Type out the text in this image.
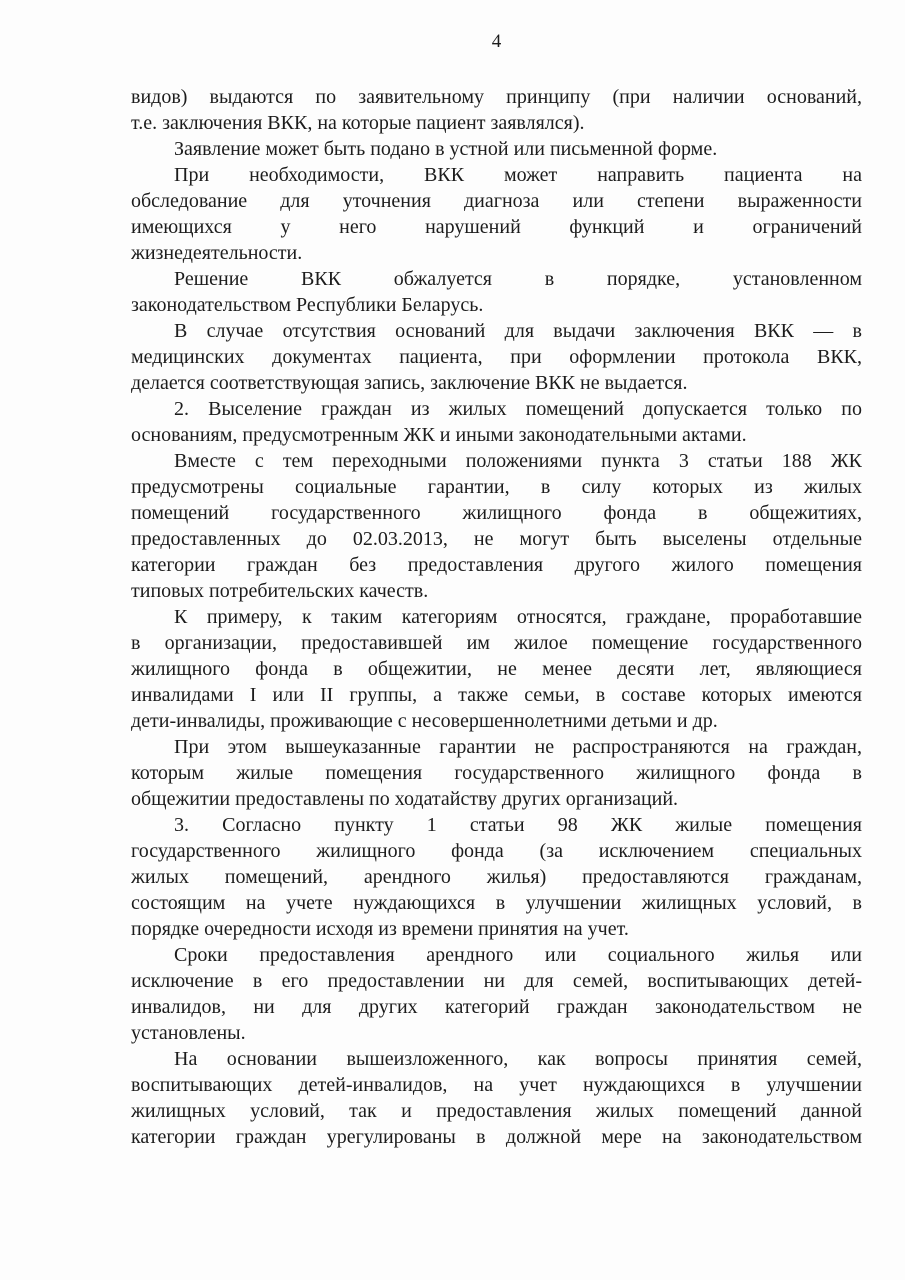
4
видов) выдаются по заявительному принципу (при наличии оснований,
т.е. заключения ВКК, на которые пациент заявлялся).
Заявление может быть подано в устной или письменной форме.
При необходимости, ВКК может направить пациента на
обследование для уточнения диагноза или степени выраженности
имеющихся у него нарушений функций и ограничений
жизнедеятельности.
Решение ВКК обжалуется в порядке, установленном
законодательством Республики Беларусь.
В случае отсутствия оснований для выдачи заключения ВКК — в
медицинских документах пациента, при оформлении протокола ВКК,
делается соответствующая запись, заключение ВКК не выдается.
2. Выселение граждан из жилых помещений допускается только по
основаниям, предусмотренным ЖК и иными законодательными актами.
Вместе с тем переходными положениями пункта 3 статьи 188 ЖК
предусмотрены социальные гарантии, в силу которых из жилых
помещений государственного жилищного фонда в общежитиях,
предоставленных до 02.03.2013, не могут быть выселены отдельные
категории граждан без предоставления другого жилого помещения
типовых потребительских качеств.
К примеру, к таким категориям относятся, граждане, проработавшие
в организации, предоставившей им жилое помещение государственного
жилищного фонда в общежитии, не менее десяти лет, являющиеся
инвалидами I или II группы, а также семьи, в составе которых имеются
дети-инвалиды, проживающие с несовершеннолетними детьми и др.
При этом вышеуказанные гарантии не распространяются на граждан,
которым жилые помещения государственного жилищного фонда в
общежитии предоставлены по ходатайству других организаций.
3. Согласно пункту 1 статьи 98 ЖК жилые помещения
государственного жилищного фонда (за исключением специальных
жилых помещений, арендного жилья) предоставляются гражданам,
состоящим на учете нуждающихся в улучшении жилищных условий, в
порядке очередности исходя из времени принятия на учет.
Сроки предоставления арендного или социального жилья или
исключение в его предоставлении ни для семей, воспитывающих детей-
инвалидов, ни для других категорий граждан законодательством не
установлены.
На основании вышеизложенного, как вопросы принятия семей,
воспитывающих детей-инвалидов, на учет нуждающихся в улучшении
жилищных условий, так и предоставления жилых помещений данной
категории граждан урегулированы в должной мере на законодательством
